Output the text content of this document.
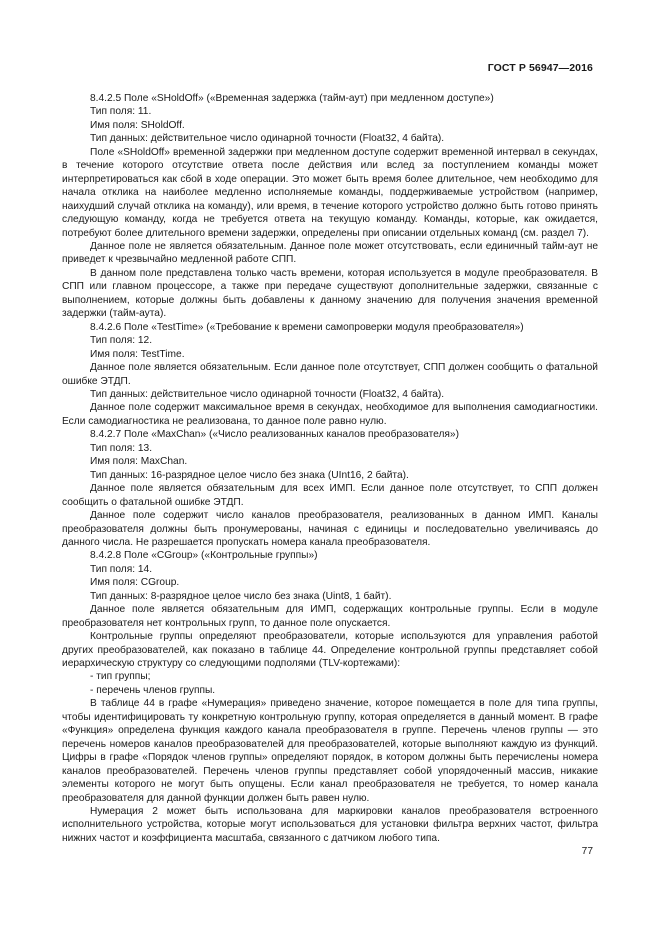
ГОСТ Р 56947—2016

8.4.2.5 Поле «SHoldOff» («Временная задержка (тайм-аут) при медленном доступе»)

Тип поля: 11.

Имя поля: SHoldOff.

Тип данных: действительное число одинарной точности (Float32, 4 байта).

Поле «SHoldOff» временной задержки при медленном доступе содержит временной интервал в секундах, в течение которого отсутствие ответа после действия или вслед за поступлением команды может интерпретироваться как сбой в ходе операции. Это может быть время более длительное, чем необходимо для начала отклика на наиболее медленно исполняемые команды, поддерживаемые устройством (например, наихудший случай отклика на команду), или время, в течение которого устройство должно быть готово принять следующую команду, когда не требуется ответа на текущую команду. Команды, которые, как ожидается, потребуют более длительного времени задержки, определены при описании отдельных команд (см. раздел 7).

Данное поле не является обязательным. Данное поле может отсутствовать, если единичный тайм-аут не приведет к чрезвычайно медленной работе СПП.

В данном поле представлена только часть времени, которая используется в модуле преобразователя. В СПП или главном процессоре, а также при передаче существуют дополнительные задержки, связанные с выполнением, которые должны быть добавлены к данному значению для получения значения временной задержки (тайм-аута).

8.4.2.6 Поле «TestTime» («Требование к времени самопроверки модуля преобразователя»)

Тип поля: 12.

Имя поля: TestTime.

Данное поле является обязательным. Если данное поле отсутствует, СПП должен сообщить о фатальной ошибке ЭТДП.

Тип данных: действительное число одинарной точности (Float32, 4 байта).

Данное поле содержит максимальное время в секундах, необходимое для выполнения самодиагностики. Если самодиагностика не реализована, то данное поле равно нулю.

8.4.2.7 Поле «MaxChan» («Число реализованных каналов преобразователя»)

Тип поля: 13.

Имя поля: MaxChan.

Тип данных: 16-разрядное целое число без знака (UInt16, 2 байта).

Данное поле является обязательным для всех ИМП. Если данное поле отсутствует, то СПП должен сообщить о фатальной ошибке ЭТДП.

Данное поле содержит число каналов преобразователя, реализованных в данном ИМП. Каналы преобразователя должны быть пронумерованы, начиная с единицы и последовательно увеличиваясь до данного числа. Не разрешается пропускать номера канала преобразователя.

8.4.2.8 Поле «CGroup» («Контрольные группы»)

Тип поля: 14.

Имя поля: CGroup.

Тип данных: 8-разрядное целое число без знака (Uint8, 1 байт).

Данное поле является обязательным для ИМП, содержащих контрольные группы. Если в модуле преобразователя нет контрольных групп, то данное поле опускается.

Контрольные группы определяют преобразователи, которые используются для управления работой других преобразователей, как показано в таблице 44. Определение контрольной группы представляет собой иерархическую структуру со следующими подполями (TLV-кортежами):

- тип группы;

- перечень членов группы.

В таблице 44 в графе «Нумерация» приведено значение, которое помещается в поле для типа группы, чтобы идентифицировать ту конкретную контрольную группу, которая определяется в данный момент. В графе «Функция» определена функция каждого канала преобразователя в группе. Перечень членов группы — это перечень номеров каналов преобразователей для преобразователей, которые выполняют каждую из функций. Цифры в графе «Порядок членов группы» определяют порядок, в котором должны быть перечислены номера каналов преобразователей. Перечень членов группы представляет собой упорядоченный массив, никакие элементы которого не могут быть опущены. Если канал преобразователя не требуется, то номер канала преобразователя для данной функции должен быть равен нулю.

Нумерация 2 может быть использована для маркировки каналов преобразователя встроенного исполнительного устройства, которые могут использоваться для установки фильтра верхних частот, фильтра нижних частот и коэффициента масштаба, связанного с датчиком любого типа.

77
